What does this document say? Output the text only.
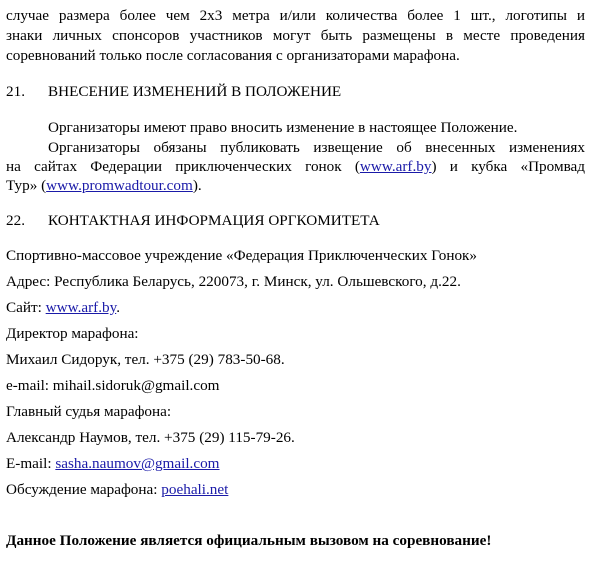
случае размера более чем 2х3 метра и/или количества более 1 шт., логотипы и
знаки личных спонсоров участников могут быть размещены в месте проведения
соревнований только после согласования с организаторами марафона.
21. ВНЕСЕНИЕ ИЗМЕНЕНИЙ В ПОЛОЖЕНИЕ
Организаторы имеют право вносить изменение в настоящее Положение.
Организаторы обязаны публиковать извещение об внесенных изменениях
на сайтах Федерации приключенческих гонок (www.arf.by) и кубка «Промвад
Тур» (www.promwadtour.com).
22. КОНТАКТНАЯ ИНФОРМАЦИЯ ОРГКОМИТЕТА
Спортивно-массовое учреждение «Федерация Приключенческих Гонок»
Адрес: Республика Беларусь, 220073, г. Минск, ул. Ольшевского, д.22.
Сайт: www.arf.by.
Директор марафона:
Михаил Сидорук, тел. +375 (29) 783-50-68.
e-mail: mihail.sidoruk@gmail.com
Главный судья марафона:
Александр Наумов, тел. +375 (29) 115-79-26.
E-mail: sasha.naumov@gmail.com
Обсуждение марафона: poehali.net
Данное Положение является официальным вызовом на соревнование!
